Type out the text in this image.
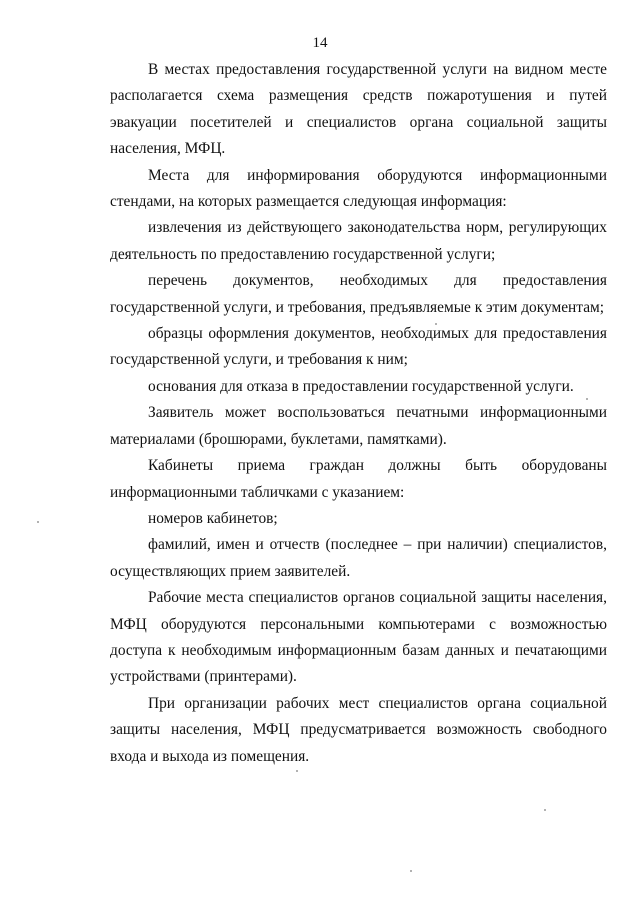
14

В местах предоставления государственной услуги на видном месте располагается схема размещения средств пожаротушения и путей эвакуации посетителей и специалистов органа социальной защиты населения, МФЦ.

Места для информирования оборудуются информационными стендами, на которых размещается следующая информация:

извлечения из действующего законодательства норм, регулирующих деятельность по предоставлению государственной услуги;

перечень документов, необходимых для предоставления государственной услуги, и требования, предъявляемые к этим документам;

образцы оформления документов, необходимых для предоставления государственной услуги, и требования к ним;

основания для отказа в предоставлении государственной услуги.

Заявитель может воспользоваться печатными информационными материалами (брошюрами, буклетами, памятками).

Кабинеты приема граждан должны быть оборудованы информационными табличками с указанием:

номеров кабинетов;

фамилий, имен и отчеств (последнее – при наличии) специалистов, осуществляющих прием заявителей.

Рабочие места специалистов органов социальной защиты населения, МФЦ оборудуются персональными компьютерами с возможностью доступа к необходимым информационным базам данных и печатающими устройствами (принтерами).

При организации рабочих мест специалистов органа социальной защиты населения, МФЦ предусматривается возможность свободного входа и выхода из помещения.
